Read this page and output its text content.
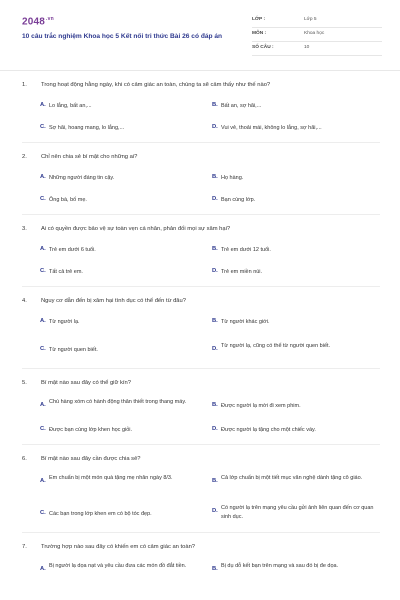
$2048^{.vn}$
10 câu trắc nghiệm Khoa học 5 Kết nối tri thức Bài 26 có đáp án
LỚP :	Lớp 5
MÔN :	Khoa học
SỐ CÂU :	10
1. Trong hoạt động hằng ngày, khi có cảm giác an toàn, chúng ta sẽ cảm thấy như thế nào?
A. Lo lắng, bất an,...	B. Bất an, sợ hãi,...
C. Sợ hãi, hoang mang, lo lắng,...	D. Vui vẻ, thoải mái, không lo lắng, sợ hãi,...
2. Chỉ nên chia sẻ bí mật cho những ai?
A. Những người đáng tin cậy.	B. Họ hàng.
C. Ông bà, bố mẹ.	D. Bạn cùng lớp.
3. Ai có quyền được bảo vệ sự toàn vẹn cá nhân, phản đối mọi sự xâm hại?
A. Trẻ em dưới 6 tuổi.	B. Trẻ em dưới 12 tuổi.
C. Tất cả trẻ em.	D. Trẻ em miền núi.
4. Nguy cơ dẫn đến bị xâm hại tình dục có thể đến từ đâu?
A. Từ người lạ.	B. Từ người khác giới.
C. Từ người quen biết.	D. Từ người lạ, cũng có thể từ người quen biết.
5. Bí mật nào sau đây có thể giữ kín?
A. Chú hàng xóm có hành động thân thiết trong thang máy.	B. Được người lạ mời đi xem phim.
C. Được bạn cùng lớp khen học giỏi.	D. Được người lạ tặng cho một chiếc váy.
6. Bí mật nào sau đây cần được chia sẻ?
A. Em chuẩn bị một món quà tặng mẹ nhân ngày 8/3.	B. Cả lớp chuẩn bị một tiết mục văn nghệ dành tặng cô giáo.
C. Các bạn trong lớp khen em có bộ tóc đẹp.	D. Có người lạ trên mạng yêu cầu gửi ảnh liên quan đến cơ quan sinh dục.
7. Trường hợp nào sau đây có khiến em có cảm giác an toàn?
A. Bị người lạ dọa nạt và yêu cầu đưa các món đồ đắt tiền.	B. Bị dụ dỗ kết bạn trên mạng và sau đó bị đe dọa.
